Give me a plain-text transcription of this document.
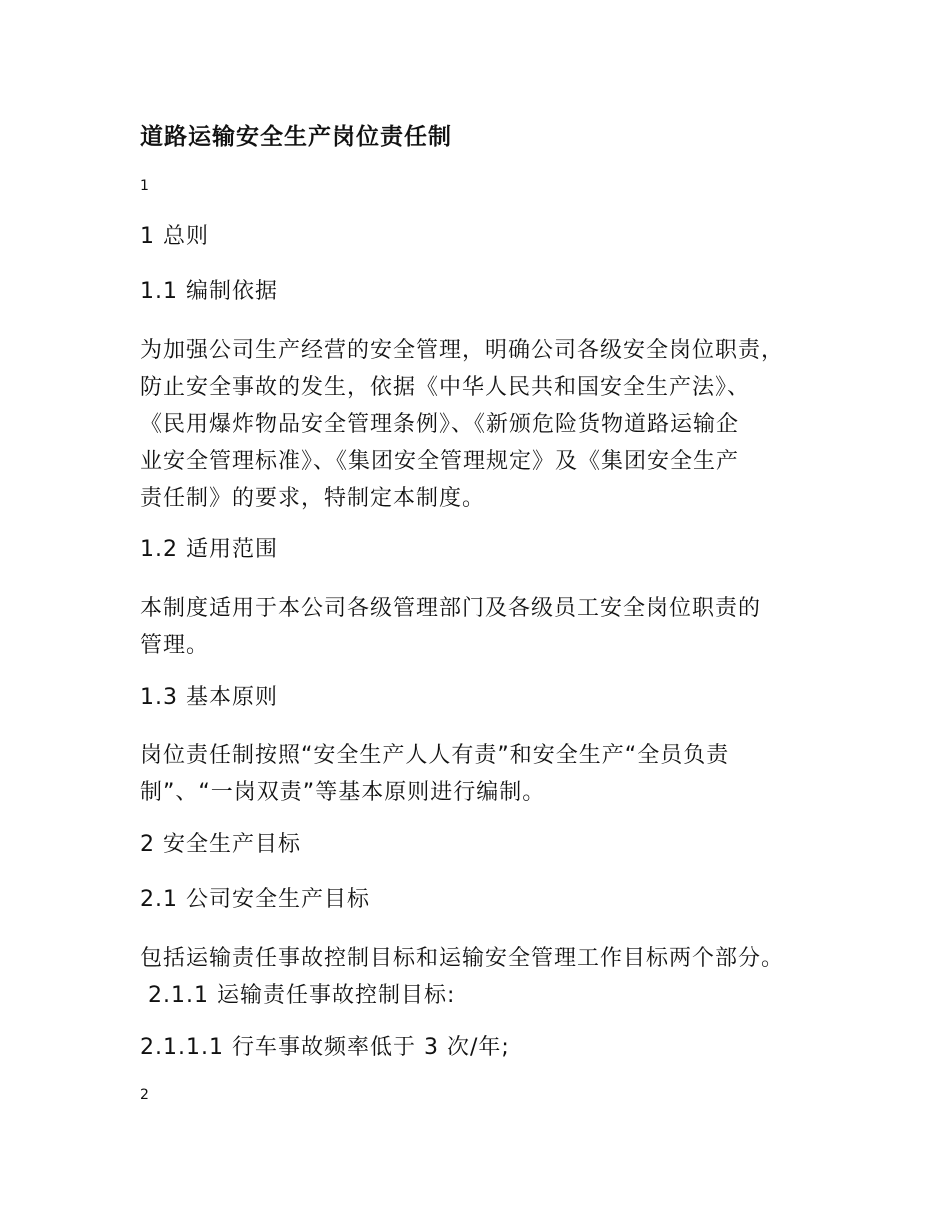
道路运输安全生产岗位责任制
1
1 总则
1.1 编制依据
为加强公司生产经营的安全管理，明确公司各级安全岗位职责，
防止安全事故的发生，依据《中华人民共和国安全生产法》、
《民用爆炸物品安全管理条例》、《新颁危险货物道路运输企
业安全管理标准》、《集团安全管理规定》及《集团安全生产
责任制》的要求，特制定本制度。
1.2 适用范围
本制度适用于本公司各级管理部门及各级员工安全岗位职责的
管理。
1.3 基本原则
岗位责任制按照“安全生产人人有责”和安全生产“全员负责
制”、“一岗双责”等基本原则进行编制。
2 安全生产目标
2.1 公司安全生产目标
包括运输责任事故控制目标和运输安全管理工作目标两个部分。
2.1.1 运输责任事故控制目标:
2.1.1.1 行车事故频率低于 3 次/年;
2
